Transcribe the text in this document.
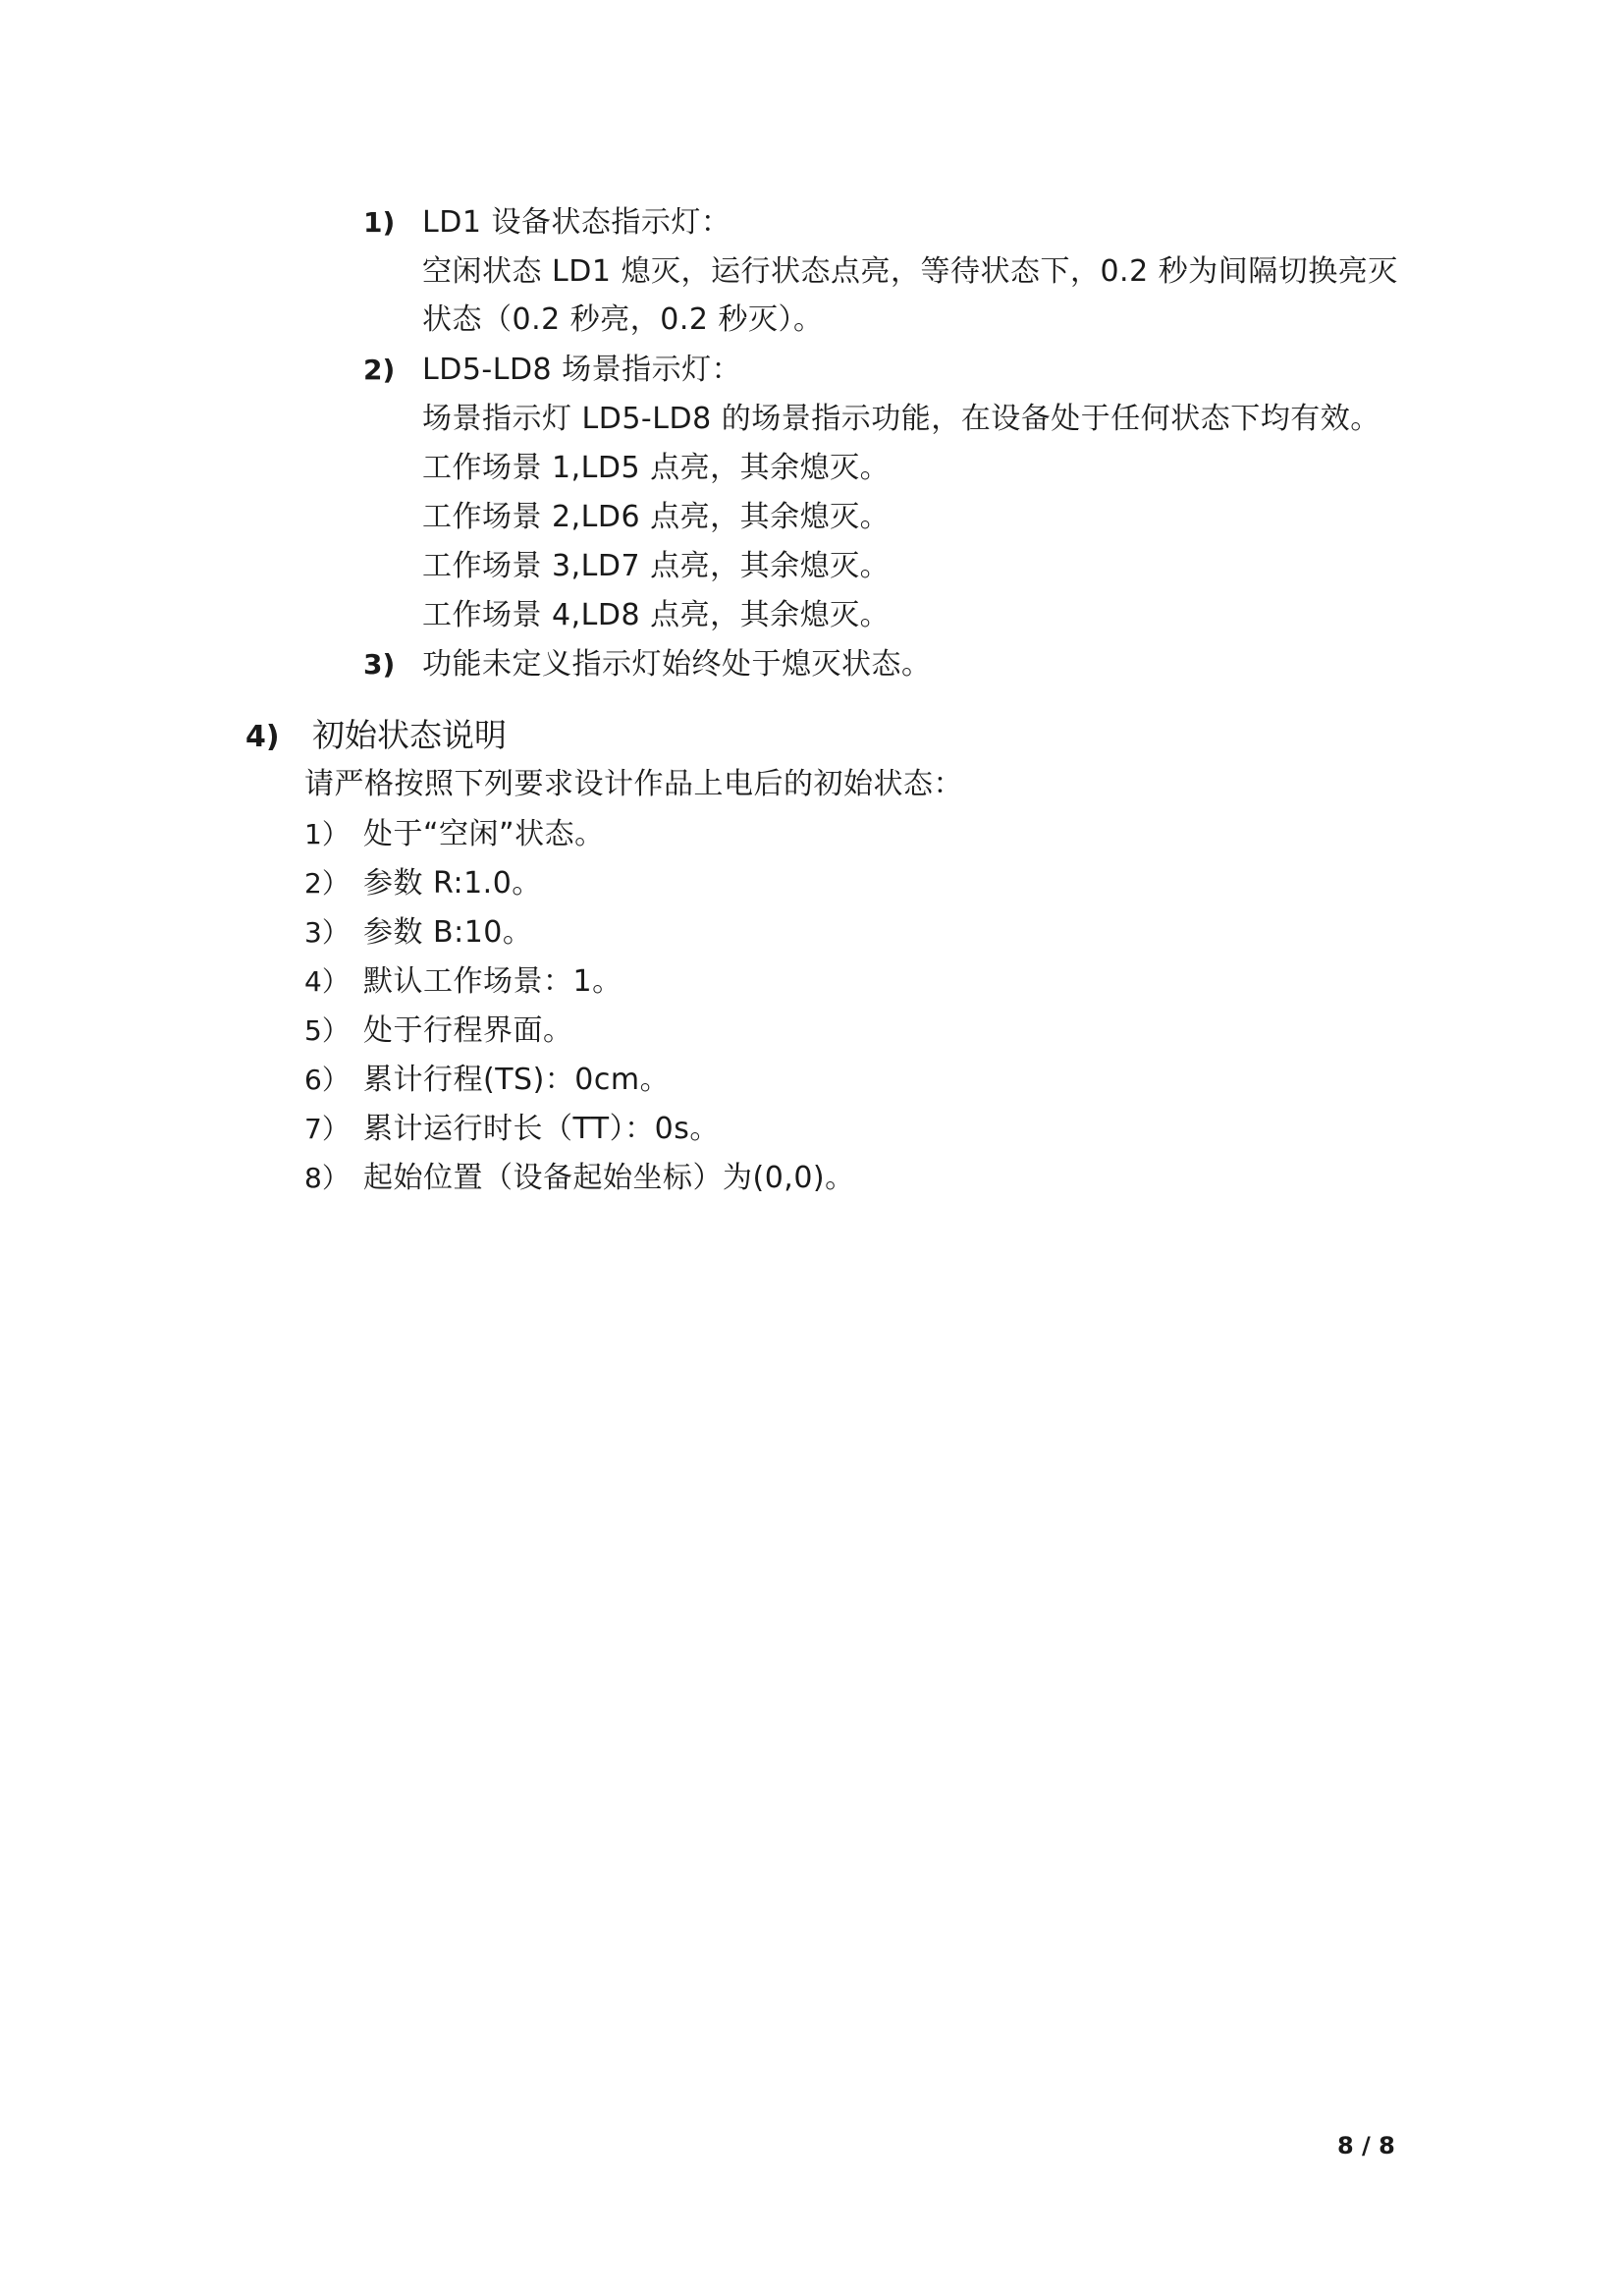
1) LD1 设备状态指示灯：
空闲状态 LD1 熄灭，运行状态点亮，等待状态下，0.2 秒为间隔切换亮灭
状态（0.2 秒亮，0.2 秒灭）。
2) LD5-LD8 场景指示灯：
场景指示灯 LD5-LD8 的场景指示功能，在设备处于任何状态下均有效。
工作场景 1,LD5 点亮，其余熄灭。
工作场景 2,LD6 点亮，其余熄灭。
工作场景 3,LD7 点亮，其余熄灭。
工作场景 4,LD8 点亮，其余熄灭。
3) 功能未定义指示灯始终处于熄灭状态。
4) 初始状态说明
请严格按照下列要求设计作品上电后的初始状态：
1） 处于“空闲”状态。
2） 参数 R:1.0。
3） 参数 B:10。
4） 默认工作场景：1。
5） 处于行程界面。
6） 累计行程(TS)：0cm。
7） 累计运行时长（TT）：0s。
8） 起始位置（设备起始坐标）为(0,0)。
8 / 8
